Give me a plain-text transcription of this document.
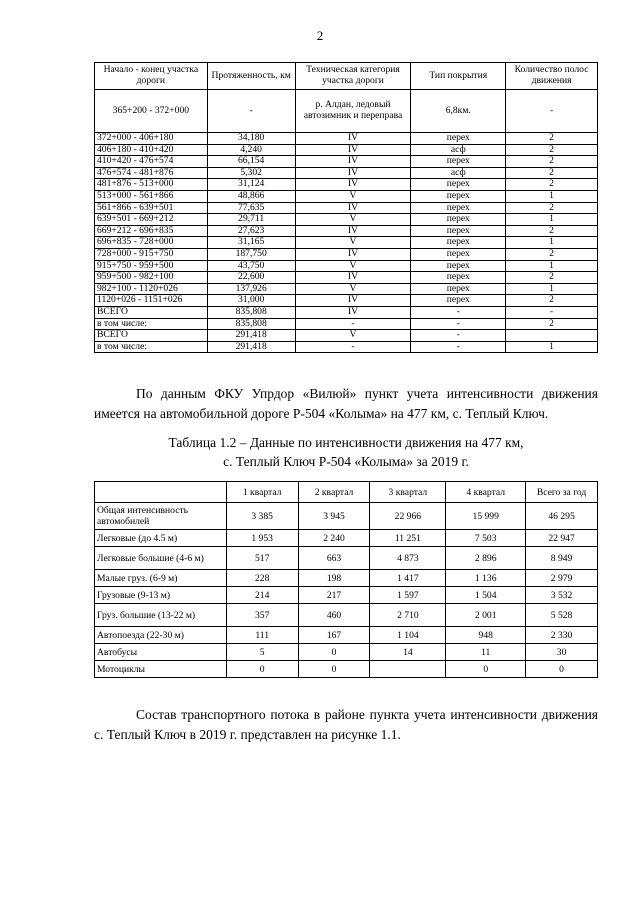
2
Начало - конец участка дороги	Протяженность, км	Техническая категория участка дороги	Тип покрытия	Количество полос движения
365+200 - 372+000	-	р. Алдан, ледовый автозимник и переправа	6,8км.	-
372+000 - 406+180	34,180	IV	перех	2
406+180 - 410+420	4,240	IV	асф	2
410+420 - 476+574	66,154	IV	перех	2
476+574 - 481+876	5,302	IV	асф	2
481+876 - 513+000	31,124	IV	перех	2
513+000 - 561+866	48,866	V	перех	1
561+866 - 639+501	77,635	IV	перех	2
639+501 - 669+212	29,711	V	перех	1
669+212 - 696+835	27,623	IV	перех	2
696+835 - 728+000	31,165	V	перех	1
728+000 - 915+750	187,750	IV	перех	2
915+750 - 959+500	43,750	V	перех	1
959+500 - 982+100	22,600	IV	перех	2
982+100 - 1120+026	137,926	V	перех	1
1120+026 - 1151+026	31,000	IV	перех	2
ВСЕГО	835,808	IV	-	-
в том числе:	835,808	-	-	2
ВСЕГО	291,418	V	-	
в том числе:	291,418	-	-	1
По данным ФКУ Упрдор «Вилюй» пункт учета интенсивности движения имеется на автомобильной дороге Р-504 «Колыма» на 477 км, с. Теплый Ключ.
Таблица 1.2 – Данные по интенсивности движения на 477 км,
с. Теплый Ключ Р-504 «Колыма» за 2019 г.
	1 квартал	2 квартал	3 квартал	4 квартал	Всего за год
Общая интенсивность автомобилей	3 385	3 945	22 966	15 999	46 295
Легковые (до 4.5 м)	1 953	2 240	11 251	7 503	22 947
Легковые большие (4-6 м)	517	663	4 873	2 896	8 949
Малые груз. (6-9 м)	228	198	1 417	1 136	2 979
Грузовые (9-13 м)	214	217	1 597	1 504	3 532
Груз. большие (13-22 м)	357	460	2 710	2 001	5 528
Автопоезда (22-30 м)	111	167	1 104	948	2 330
Автобусы	5	0	14	11	30
Мотоциклы	0	0		0	0
Состав транспортного потока в районе пункта учета интенсивности движения с. Теплый Ключ в 2019 г. представлен на рисунке 1.1.
